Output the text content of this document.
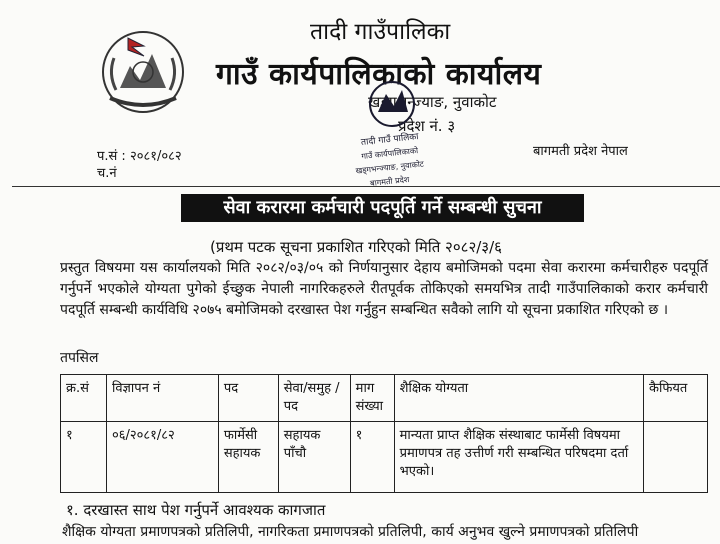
तादी गाउँपालिका
गाउँ कार्यपालिकाको कार्यालय
खड्गभन्ज्याङ, नुवाकोट
प्रदेश नं. ३
तादी गाउँ पालिका
गाउँ कार्यपालिकाको
खड्गभन्ज्याङ, नुवाकोट
बागमती प्रदेश
प.सं : २०८१/०८२
च.नं
बागमती प्रदेश नेपाल
सेवा करारमा कर्मचारी पदपूर्ति गर्ने सम्बन्धी सुचना
(प्रथम पटक सूचना प्रकाशित गरिएको मिति २०८२/३/६
प्रस्तुत विषयमा यस कार्यालयको मिति २०८२/०३/०५ को निर्णयानुसार देहाय बमोजिमको पदमा सेवा करारमा कर्मचारीहरु पदपूर्ति गर्नुपर्ने भएकोले योग्यता पुगेको ईच्छुक नेपाली नागरिकहरुले रीतपूर्वक तोकिएको समयभित्र तादी गाउँपालिकाको करार कर्मचारी पदपूर्ति सम्बन्धी कार्यविधि २०७५ बमोजिमको दरखास्त पेश गर्नुहुन सम्बन्धित सवैको लागि यो सूचना प्रकाशित गरिएको छ ।
तपसिल
क्र.सं	विज्ञापन नं	पद	सेवा/समुह /पद	माग संख्या	शैक्षिक योग्यता	कैफियत
१	०६/२०८१/८२	फार्मेसी सहायक	सहायक पाँचौ	१	मान्यता प्राप्त शैक्षिक संस्थाबाट फार्मेसी विषयमा प्रमाणपत्र तह उत्तीर्ण गरी सम्बन्धित परिषदमा दर्ता भएको।	
१. दरखास्त साथ पेश गर्नुपर्ने आवश्यक कागजात
शैक्षिक योग्यता प्रमाणपत्रको प्रतिलिपी, नागरिकता प्रमाणपत्रको प्रतिलिपी, कार्य अनुभव खुल्ने प्रमाणपत्रको प्रतिलिपी
